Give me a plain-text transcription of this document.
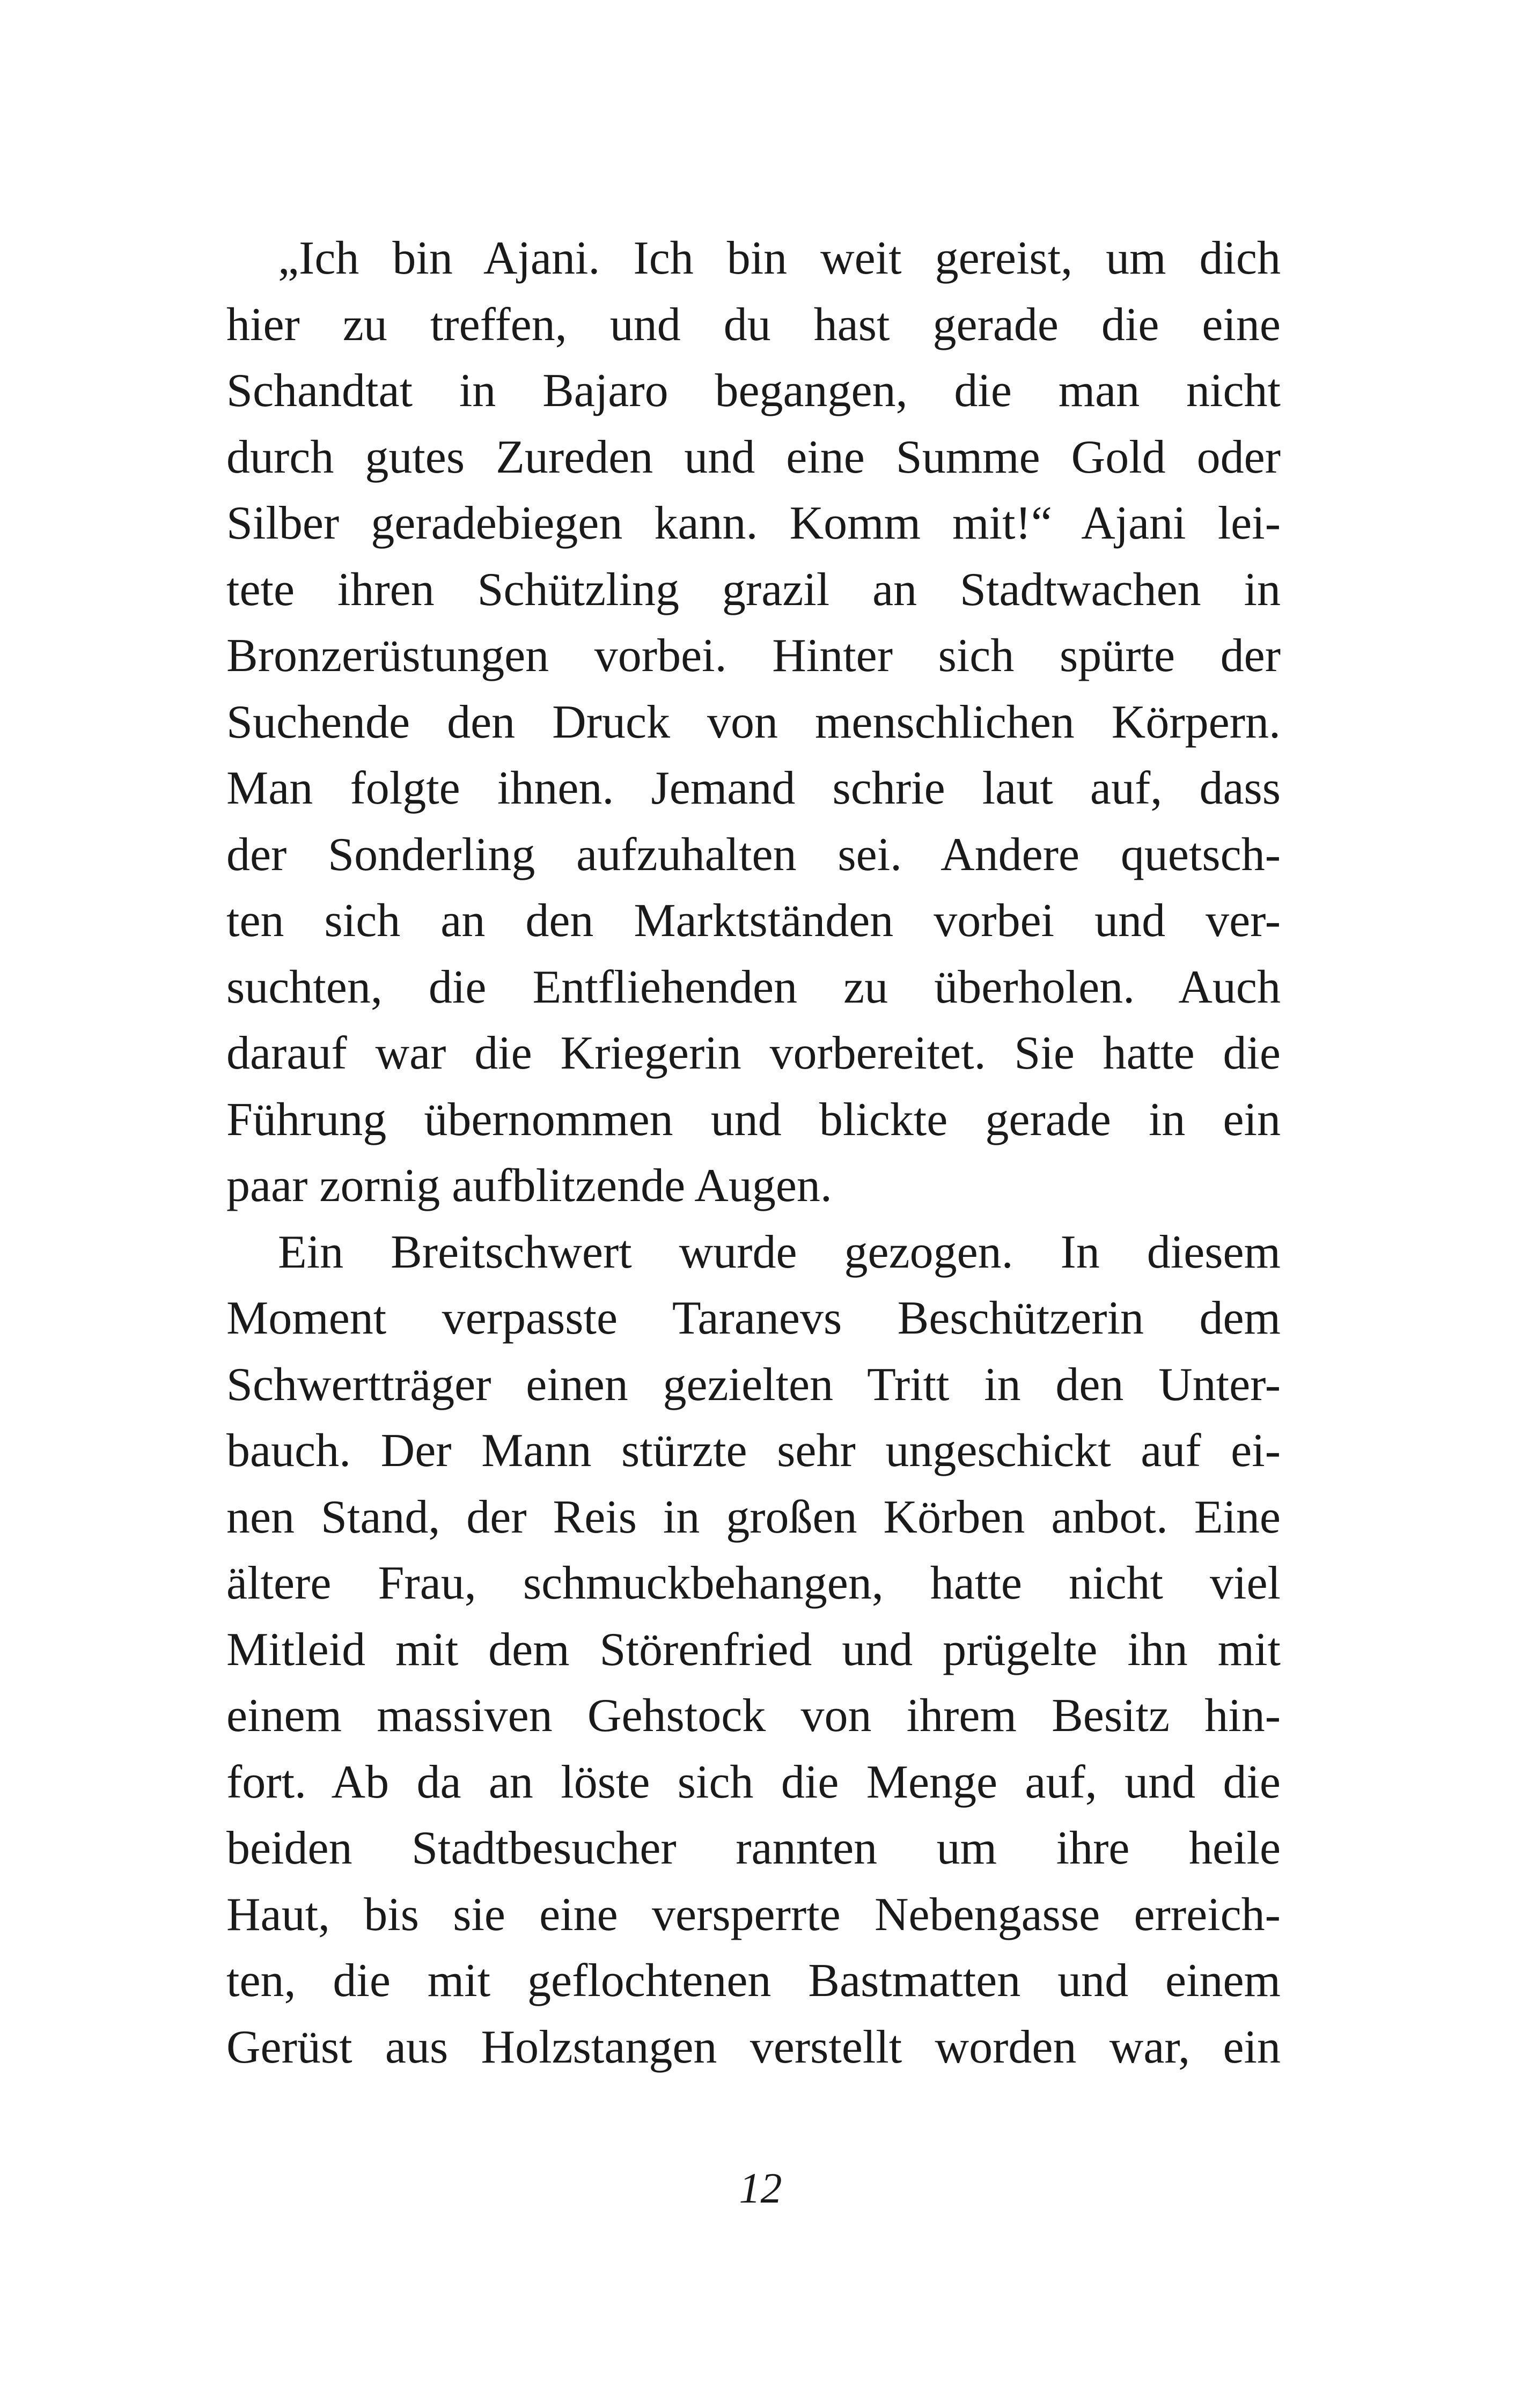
„Ich bin Ajani. Ich bin weit gereist, um dich
hier zu treffen, und du hast gerade die eine
Schandtat in Bajaro begangen, die man nicht
durch gutes Zureden und eine Summe Gold oder
Silber geradebiegen kann. Komm mit!“ Ajani lei-
tete ihren Schützling grazil an Stadtwachen in
Bronzerüstungen vorbei. Hinter sich spürte der
Suchende den Druck von menschlichen Körpern.
Man folgte ihnen. Jemand schrie laut auf, dass
der Sonderling aufzuhalten sei. Andere quetsch-
ten sich an den Marktständen vorbei und ver-
suchten, die Entfliehenden zu überholen. Auch
darauf war die Kriegerin vorbereitet. Sie hatte die
Führung übernommen und blickte gerade in ein
paar zornig aufblitzende Augen.
Ein Breitschwert wurde gezogen. In diesem
Moment verpasste Taranevs Beschützerin dem
Schwertträger einen gezielten Tritt in den Unter-
bauch. Der Mann stürzte sehr ungeschickt auf ei-
nen Stand, der Reis in großen Körben anbot. Eine
ältere Frau, schmuckbehangen, hatte nicht viel
Mitleid mit dem Störenfried und prügelte ihn mit
einem massiven Gehstock von ihrem Besitz hin-
fort. Ab da an löste sich die Menge auf, und die
beiden Stadtbesucher rannten um ihre heile
Haut, bis sie eine versperrte Nebengasse erreich-
ten, die mit geflochtenen Bastmatten und einem
Gerüst aus Holzstangen verstellt worden war, ein
12
